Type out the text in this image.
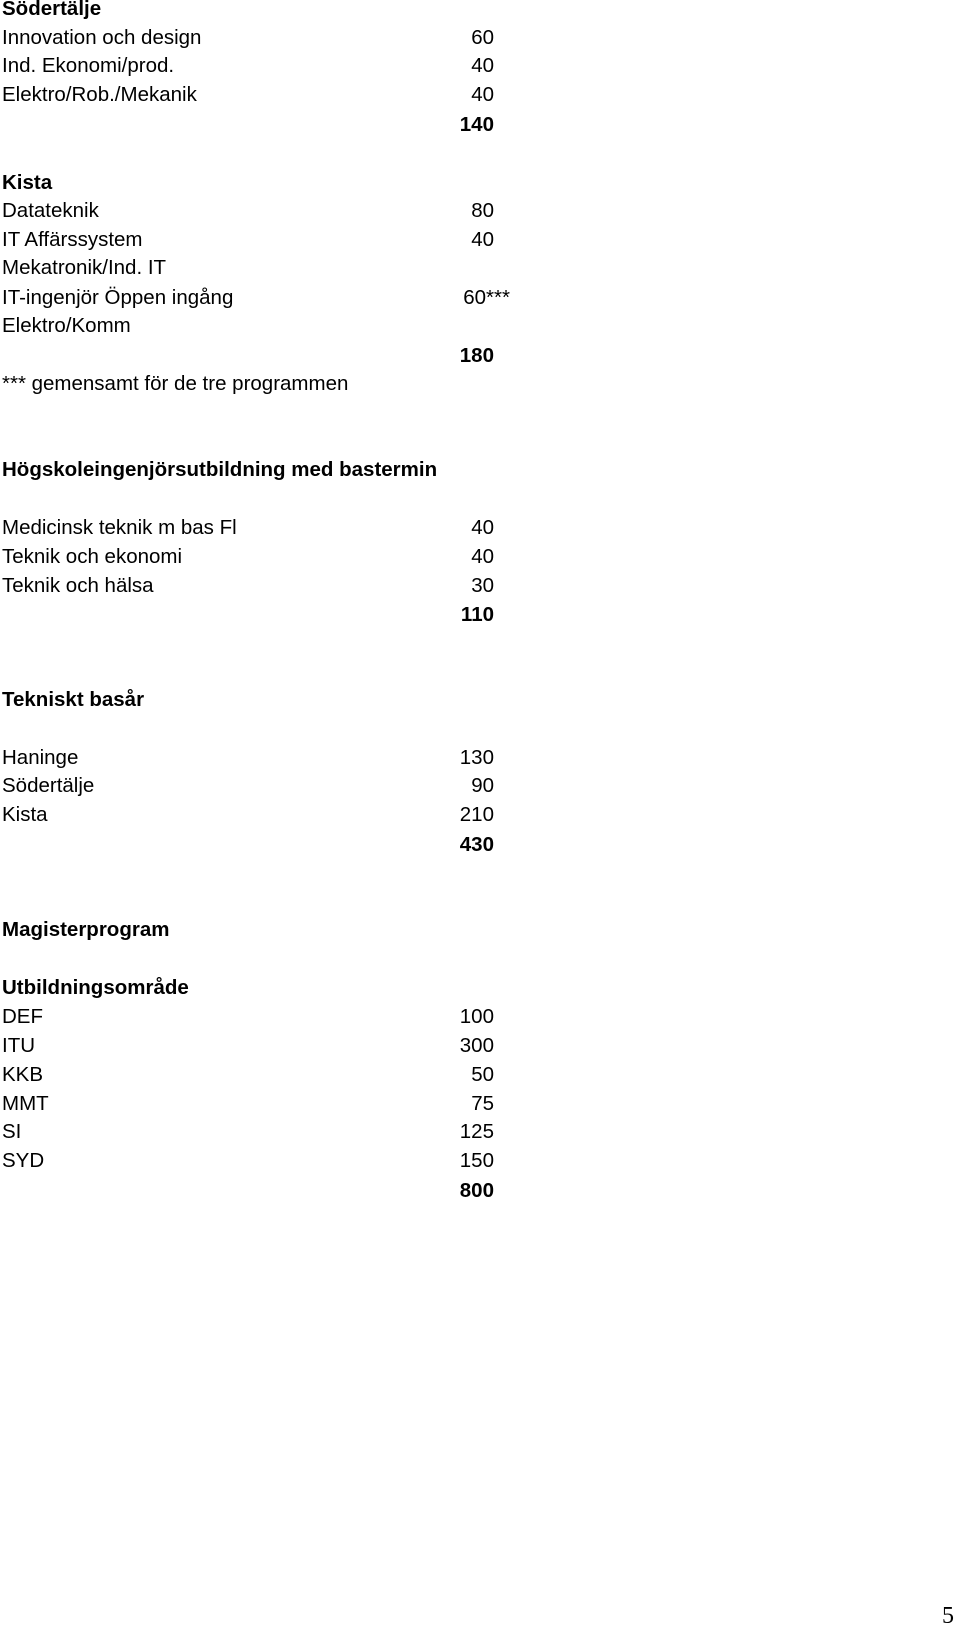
Södertälje
Innovation och design	60
Ind. Ekonomi/prod.	40
Elektro/Rob./Mekanik	40
140
Kista
Datateknik	80
IT Affärssystem	40
Mekatronik/Ind. IT
IT-ingenjör Öppen ingång	60***
Elektro/Komm
180
*** gemensamt för de tre programmen
Högskoleingenjörsutbildning med bastermin
Medicinsk teknik m bas Fl	40
Teknik och ekonomi	40
Teknik och hälsa	30
110
Tekniskt basår
Haninge	130
Södertälje	90
Kista	210
430
Magisterprogram
Utbildningsområde
DEF	100
ITU	300
KKB	50
MMT	75
SI	125
SYD	150
800
5
